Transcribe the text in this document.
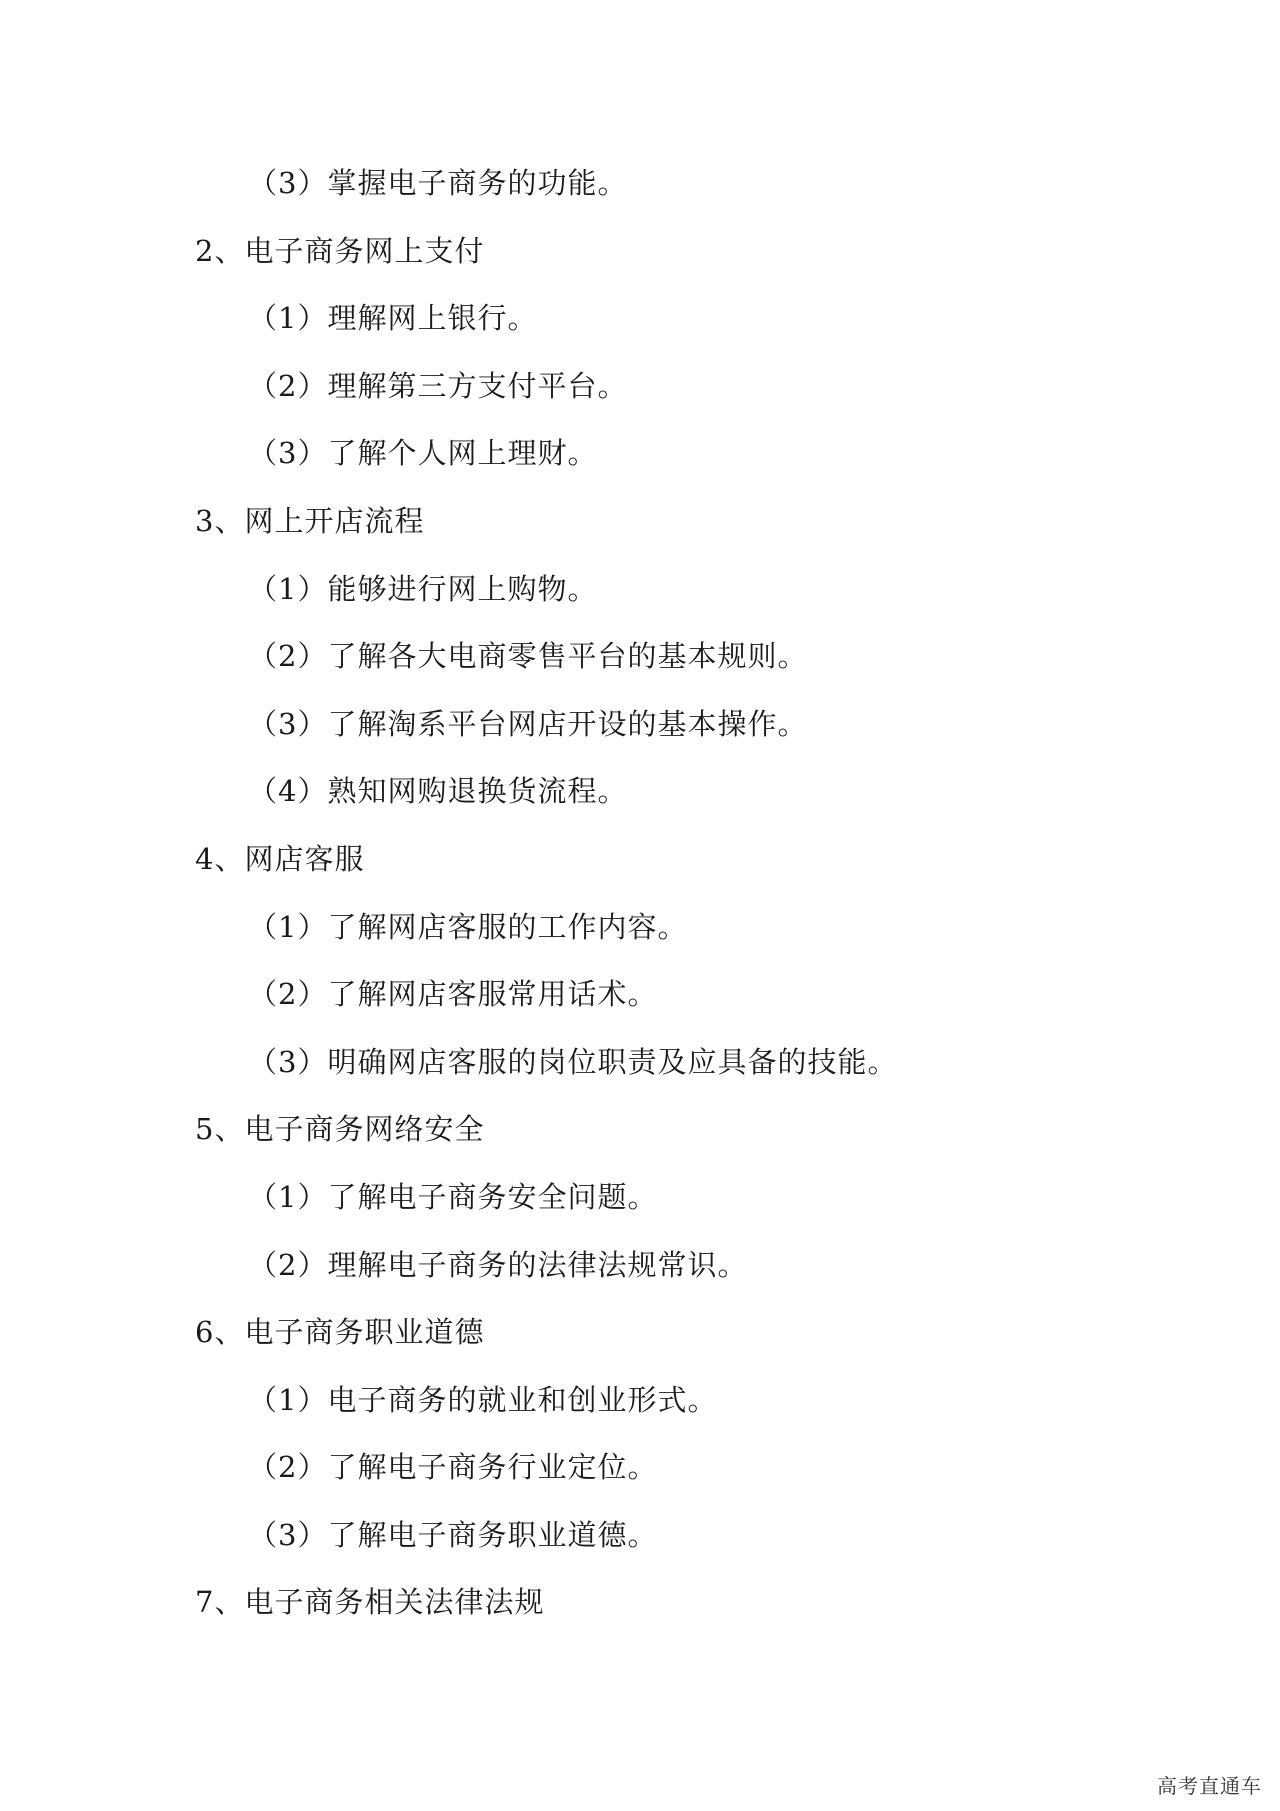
（3）掌握电子商务的功能。
2、电子商务网上支付
（1）理解网上银行。
（2）理解第三方支付平台。
（3）了解个人网上理财。
3、网上开店流程
（1）能够进行网上购物。
（2）了解各大电商零售平台的基本规则。
（3）了解淘系平台网店开设的基本操作。
（4）熟知网购退换货流程。
4、网店客服
（1）了解网店客服的工作内容。
（2）了解网店客服常用话术。
（3）明确网店客服的岗位职责及应具备的技能。
5、电子商务网络安全
（1）了解电子商务安全问题。
（2）理解电子商务的法律法规常识。
6、电子商务职业道德
（1）电子商务的就业和创业形式。
（2）了解电子商务行业定位。
（3）了解电子商务职业道德。
7、电子商务相关法律法规
高考直通车
